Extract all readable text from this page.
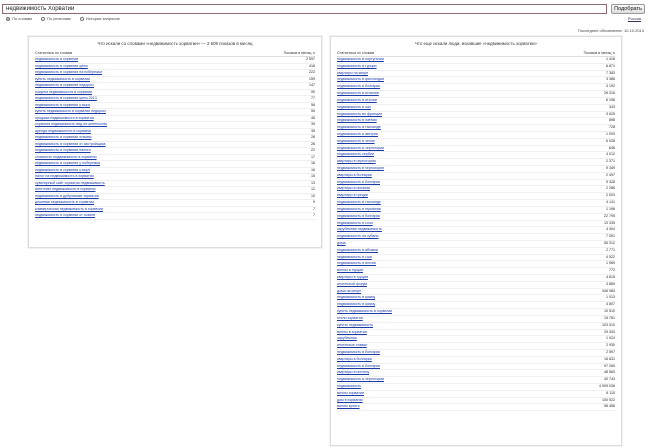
недвижимость Хорватии
Подобрать
По словам
	По регионам
	История запросов	Россия
Последнее обновление: 10.10.2013
Что искали со словами «недвижимость хорватии» — 2 609 показов в месяц
Статистика по словам	Показов в месяц ⇅
недвижимость в хорватии	2 597
недвижимость в хорватии цены	416
недвижимость в хорватии на побережье	222
купить недвижимость в хорватии	159
недвижимость в хорватии недорого	147
покупка недвижимости в хорватии	90
недвижимость в хорватии цены 2013	77
недвижимость в хорватии у моря	56
купить недвижимость в хорватии недорого	50
продажа недвижимости в хорватии	48
хорватия недвижимость вид на жительство	39
аренда недвижимости в хорватии	35
недвижимость в хорватии отзывы	28
недвижимость в хорватии от застройщика	26
недвижимость в хорватии налоги	22
стоимость недвижимости в хорватии	17
недвижимость в хорватии у побережья	16
недвижимость в хорватии у моря	16
налог на недвижимость в хорватии	15
сувенирный сайт хорватия недвижимость	13
агентство недвижимости в хорватии	12
недвижимость в дубровнике хорватия	10
дешевая недвижимость в хорватии	9
коммерческая недвижимость в хорватии	7
недвижимость в хорватии от хозяев	7
Что еще искали люди, искавшие «недвижимость хорватии»
Статистика по словам	Показов в месяц ⇅
недвижимость в португалии	1 418
недвижимость в турции	6 871
квартиры на кипре	7 383
недвижимость в финляндии	3 386
недвижимость в болгарии	3 192
недвижимость в испании	26 316
недвижимость в италии	6 196
недвижимость в оаэ	343
недвижимость во франции	3 625
недвижимость в латвии	898
недвижимость в таиланде	728
недвижимость в австрии	1 093
недвижимость в чехии	6 028
недвижимость в черногории	646
недвижимость сербии	4 012
квартиры в черногории	2 371
недвижимость в черногории	9 349
квартиры в болгарии	2 497
недвижимость в болгарии	9 328
квартиры в испании	2 286
квартиры в греции	2 003
недвижимость в таиланде	4 141
недвижимость в германии	1 196
недвижимость в болгарии	22 795
недвижимость в сочи	10 335
зарубежная недвижимость	4 404
недвижимость на кубани	7 591
дома	55 312
недвижимость в абхазии	2 771
недвижимость в сша	4 522
недвижимость в англии	1 969
виллы в турции	772
квартиры в турции	4 815
ипотечный форум	3 889
дома на кипре	346 983
недвижимость в крыму	1 013
недвижимость в крыму	4 807
купить недвижимость в хорватии	10 510
отели хорватии	15 781
купить недвижимость	103 510
виллы в хорватии	29 343
зарубежная	1 024
ипотечные ставки	2 930
недвижимость в болгарии	2 597
квартиры в болгарии	16 631
недвижимость в болгарии	97 269
квартиры в ипотеку	48 563
недвижимость в черногории	40 743
недвижимость	4 509 036
виллы хорватии	6 115
дом в хорватии	100 922
виллы купить	96 456
